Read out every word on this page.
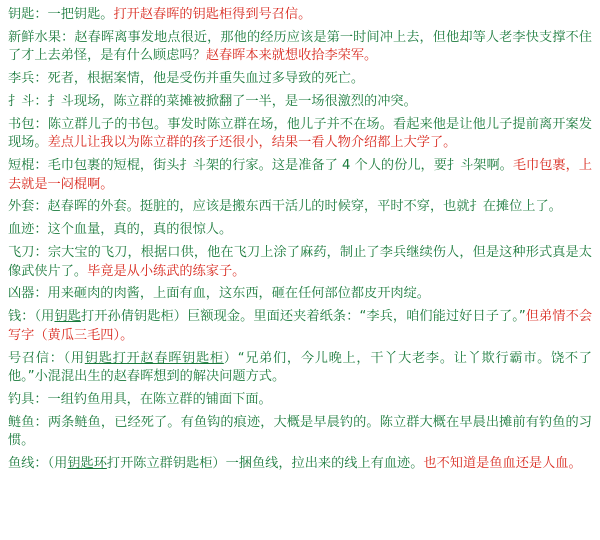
钥匙：一把钥匙。打开赵春晖的钥匙柜得到号召信。

新鲜水果：赵春晖离事发地点很近，那他的经历应该是第一时间冲上去，但他却等人老李快支撑不住了才上去弟怪，是有什么顾虑吗？赵春晖本来就想收拾李荣军。

李兵：死者，根据案情，他是受伤并重失血过多导致的死亡。

扌斗：扌斗现场，陈立群的菜摊被掀翻了一半，是一场很激烈的冲突。

书包：陈立群儿子的书包。事发时陈立群在场，他儿子并不在场。看起来他是让他儿子提前离开案发现场。差点儿让我以为陈立群的孩子还很小，结果一看人物介绍都上大学了。

短棍：毛巾包裹的短棍，街头扌斗架的行家。这是准备了 4 个人的份儿，要扌斗架啊。毛巾包裹，上去就是一闷棍啊。

外套：赵春晖的外套。挺脏的，应该是搬东西干活儿的时候穿，平时不穿，也就扌在摊位上了。

血迹：这个血量，真的，真的很惊人。

飞刀：宗大宝的飞刀，根据口供，他在飞刀上涂了麻药，制止了李兵继续伤人，但是这种形式真是太像武侠片了。毕竟是从小练武的练家子。

凶器：用来砸肉的肉酱，上面有血，这东西，砸在任何部位都皮开肉绽。

钱：（用钥匙打开孙倩钥匙柜）巨额现金。里面还夹着纸条：“李兵，咱们能过好日子了。”但弟情不会写字（黄瓜三毛四）。

号召信：（用钥匙打开赵春晖钥匙柜）“兄弟们，今儿晚上，干丫大老李。让丫欺行霸市。饶不了他。”小混混出生的赵春晖想到的解决问题方式。

钓具：一组钓鱼用具，在陈立群的铺面下面。

鲢鱼：两条鲢鱼，已经死了。有鱼钩的痕迹，大概是早晨钓的。陈立群大概在早晨出摊前有钓鱼的习惯。

鱼线：（用钥匙环打开陈立群钥匙柜）一捆鱼线，拉出来的线上有血迹。也不知道是鱼血还是人血。
